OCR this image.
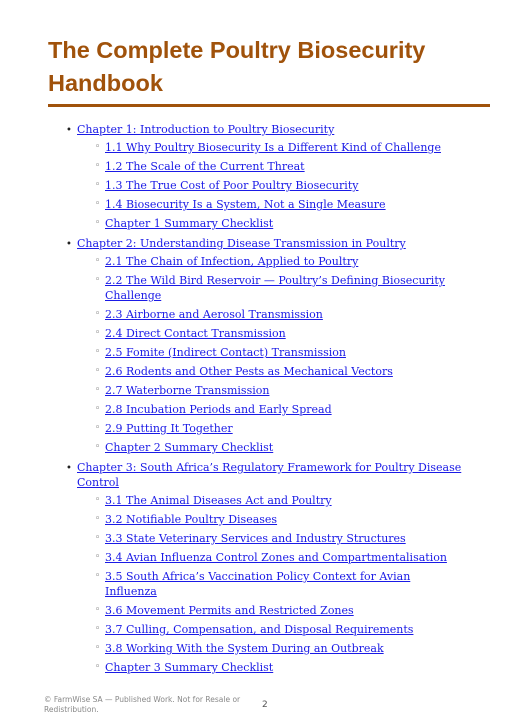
The Complete Poultry Biosecurity Handbook
• Chapter 1: Introduction to Poultry Biosecurity
◦ 1.1 Why Poultry Biosecurity Is a Different Kind of Challenge
◦ 1.2 The Scale of the Current Threat
◦ 1.3 The True Cost of Poor Poultry Biosecurity
◦ 1.4 Biosecurity Is a System, Not a Single Measure
◦ Chapter 1 Summary Checklist
• Chapter 2: Understanding Disease Transmission in Poultry
◦ 2.1 The Chain of Infection, Applied to Poultry
◦ 2.2 The Wild Bird Reservoir — Poultry’s Defining Biosecurity Challenge
◦ 2.3 Airborne and Aerosol Transmission
◦ 2.4 Direct Contact Transmission
◦ 2.5 Fomite (Indirect Contact) Transmission
◦ 2.6 Rodents and Other Pests as Mechanical Vectors
◦ 2.7 Waterborne Transmission
◦ 2.8 Incubation Periods and Early Spread
◦ 2.9 Putting It Together
◦ Chapter 2 Summary Checklist
• Chapter 3: South Africa’s Regulatory Framework for Poultry Disease Control
◦ 3.1 The Animal Diseases Act and Poultry
◦ 3.2 Notifiable Poultry Diseases
◦ 3.3 State Veterinary Services and Industry Structures
◦ 3.4 Avian Influenza Control Zones and Compartmentalisation
◦ 3.5 South Africa’s Vaccination Policy Context for Avian Influenza
◦ 3.6 Movement Permits and Restricted Zones
◦ 3.7 Culling, Compensation, and Disposal Requirements
◦ 3.8 Working With the System During an Outbreak
◦ Chapter 3 Summary Checklist
© FarmWise SA — Published Work. Not for Resale or Redistribution.	2
